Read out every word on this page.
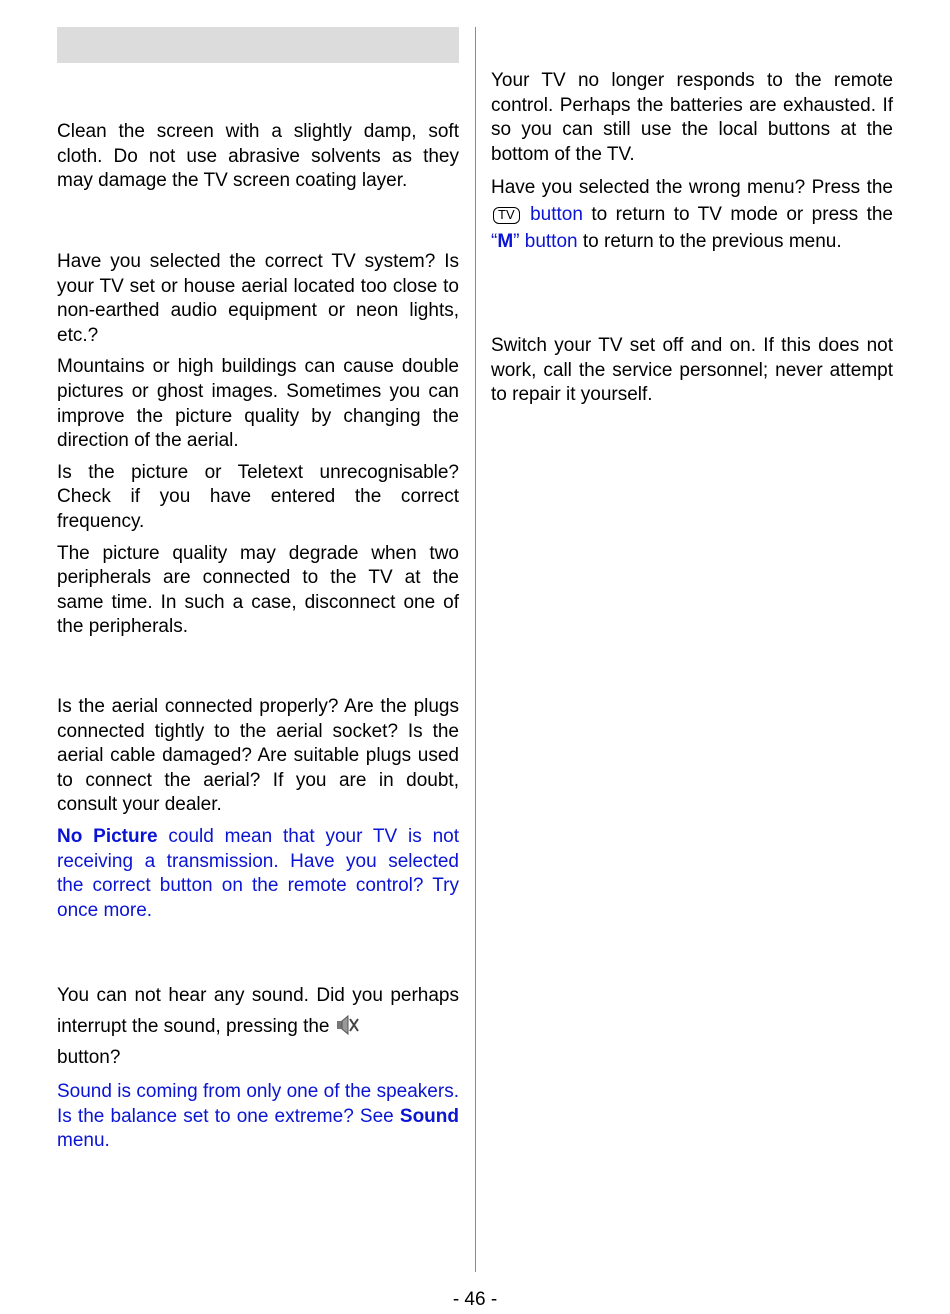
Clean the screen with a slightly damp, soft cloth. Do not use abrasive solvents as they may damage the TV screen coating layer.

Have you selected the correct TV system? Is your TV set or house aerial located too close to non-earthed audio equipment or neon lights, etc.?

Mountains or high buildings can cause double pictures or ghost images. Sometimes you can improve the picture quality by changing the direction of the aerial.

Is the picture or Teletext unrecognisable? Check if you have entered the correct frequency.

The picture quality may degrade when two peripherals are connected to the TV at the same time. In such a case, disconnect one of the peripherals.

Is the aerial connected properly? Are the plugs connected tightly to the aerial socket? Is the aerial cable damaged? Are suitable plugs used to connect the aerial? If you are in doubt, consult your dealer.

No Picture could mean that your TV is not receiving a transmission. Have you selected the correct button on the remote control? Try once more.

You can not hear any sound. Did you perhaps interrupt the sound, pressing the
button?

Sound is coming from only one of the speakers. Is the balance set to one extreme? See Sound menu.

Your TV no longer responds to the remote control. Perhaps the batteries are exhausted. If so you can still use the local buttons at the bottom of the TV.

Have you selected the wrong menu? Press the TV button to return to TV mode or press the “M” button to return to the previous menu.

Switch your TV set off and on. If this does not work, call the service personnel; never attempt to repair it yourself.

- 46 -
